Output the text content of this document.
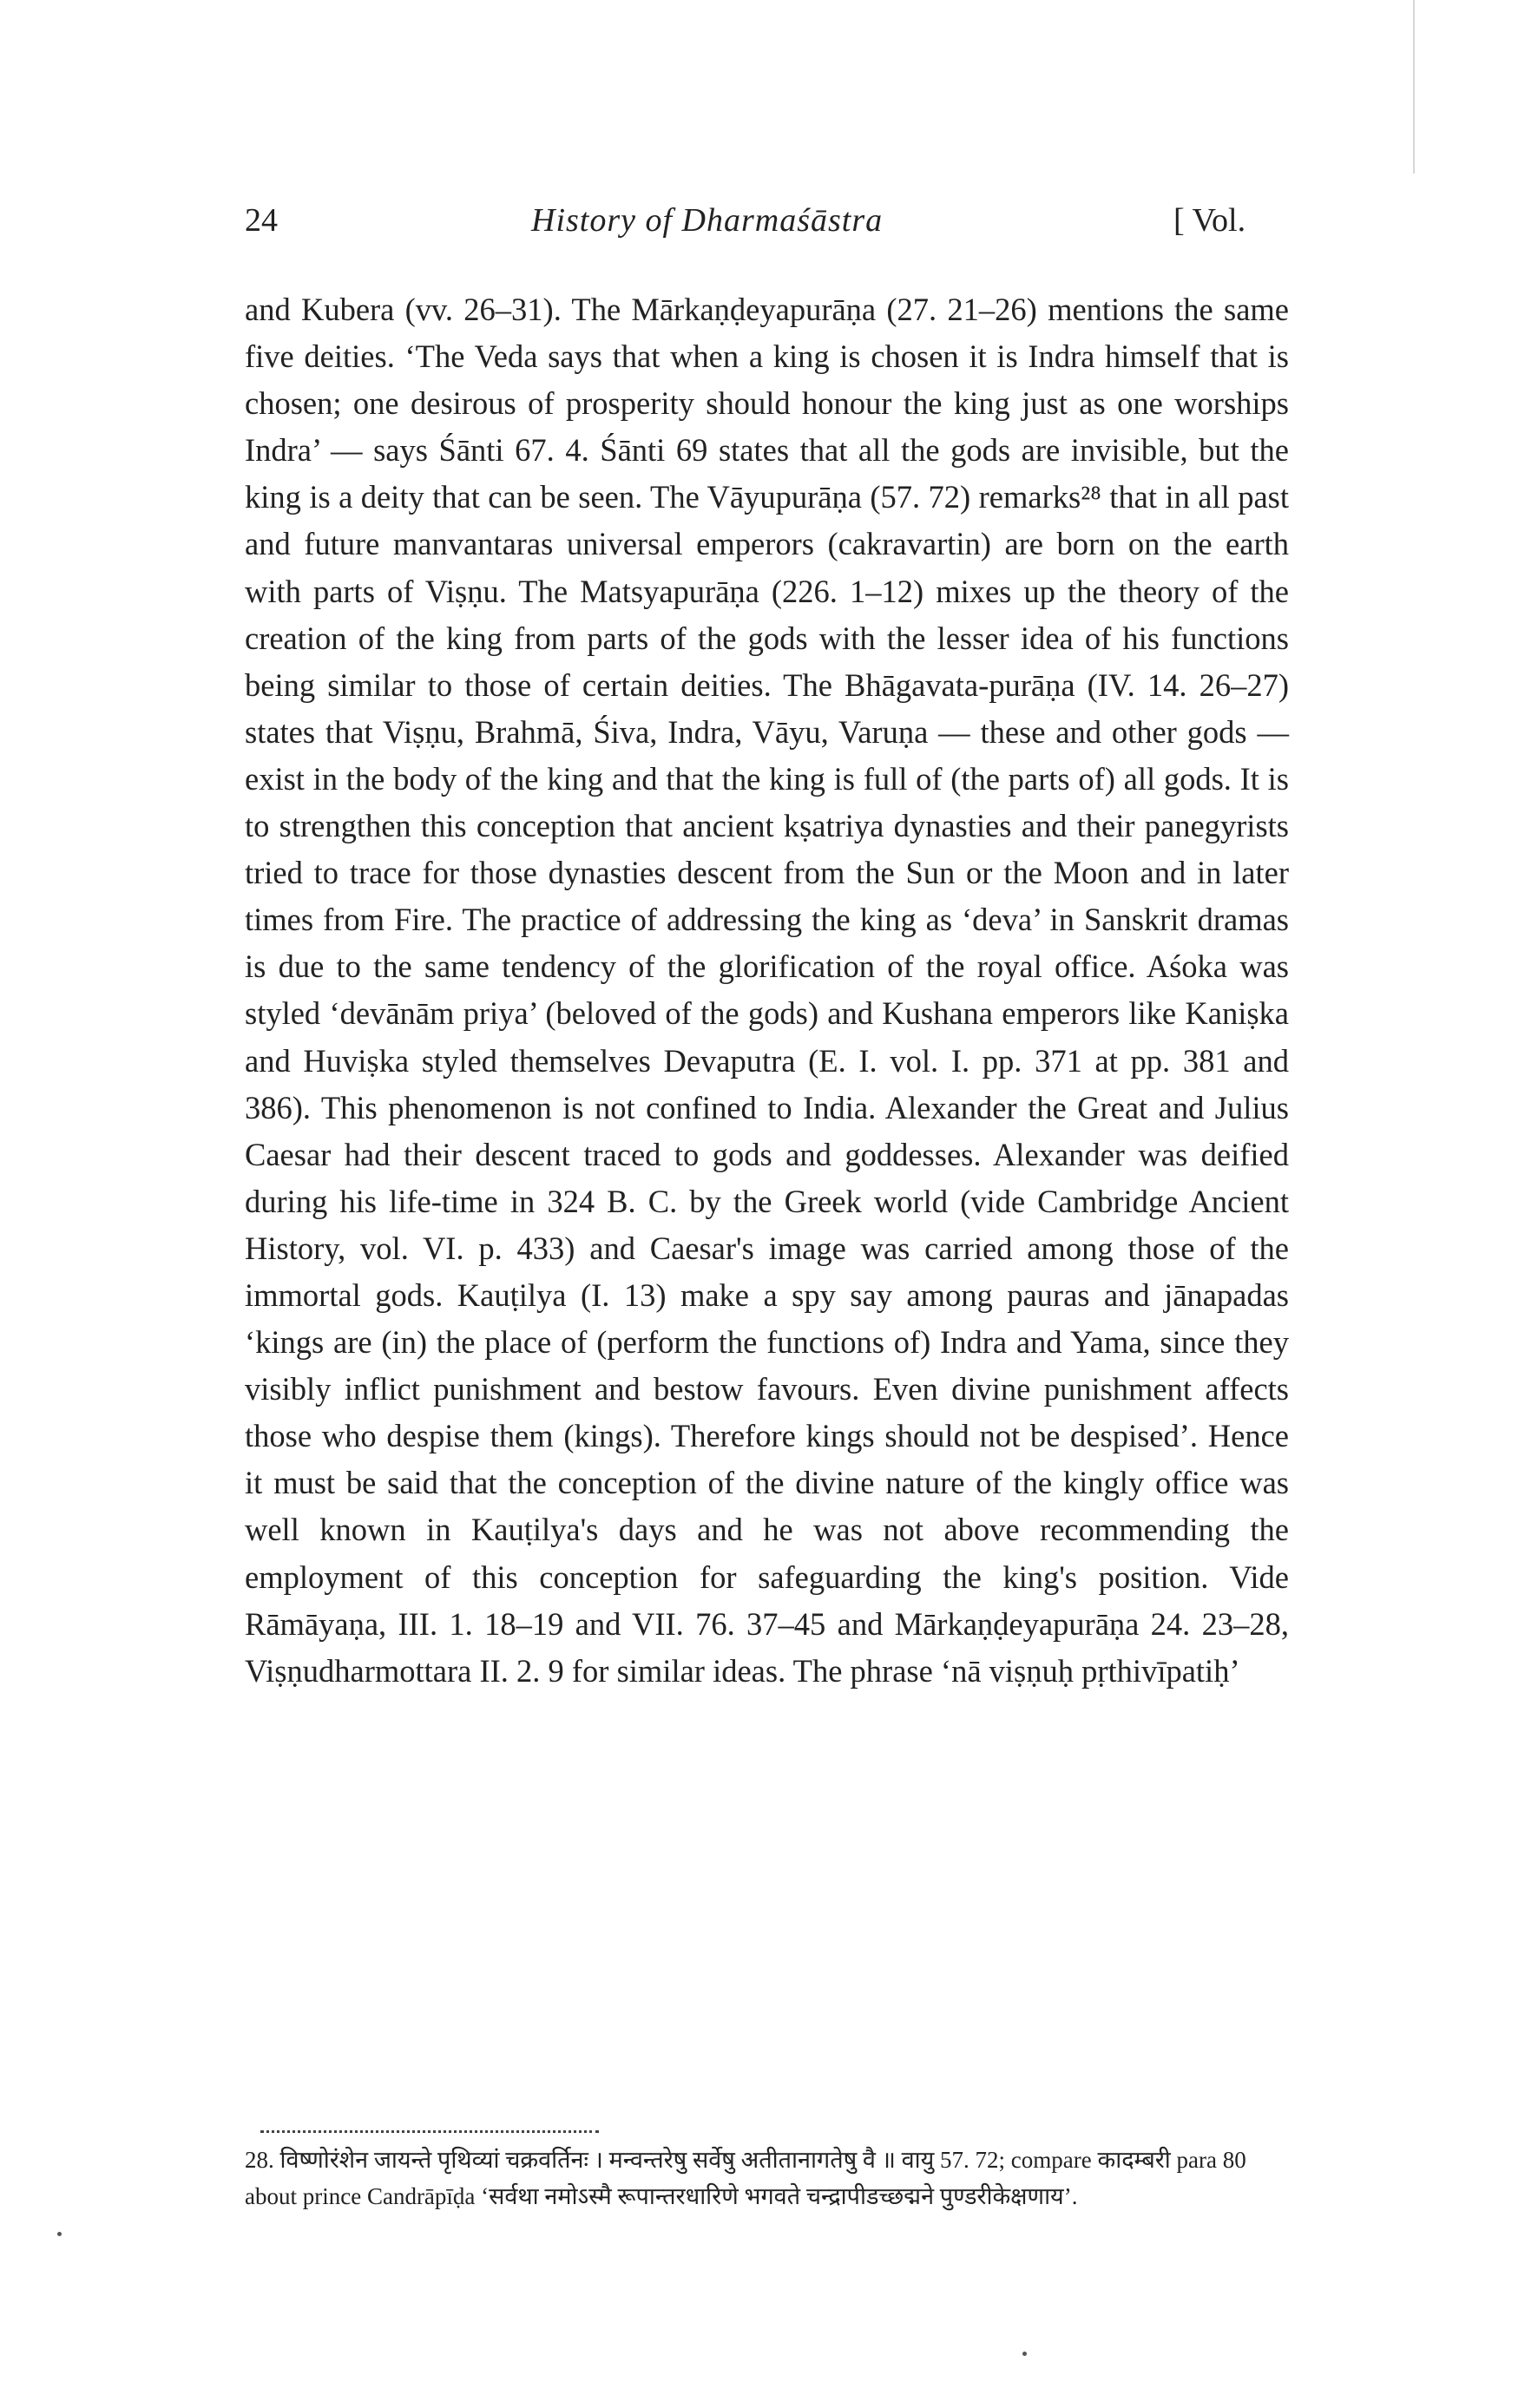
24	History of Dharmaśāstra	[ Vol.

and Kubera (vv. 26–31). The Mārkaṇḍeyapurāṇa (27. 21–26) mentions the same five deities. ‘The Veda says that when a king is chosen it is Indra himself that is chosen; one desirous of prosperity should honour the king just as one worships Indra’ — says Śānti 67. 4. Śānti 69 states that all the gods are invisible, but the king is a deity that can be seen. The Vāyupurāṇa (57. 72) remarks²⁸ that in all past and future manvantaras universal emperors (cakravartin) are born on the earth with parts of Viṣṇu. The Matsyapurāṇa (226. 1–12) mixes up the theory of the creation of the king from parts of the gods with the lesser idea of his functions being similar to those of certain deities. The Bhāgavata-purāṇa (IV. 14. 26–27) states that Viṣṇu, Brahmā, Śiva, Indra, Vāyu, Varuṇa — these and other gods — exist in the body of the king and that the king is full of (the parts of) all gods. It is to strengthen this conception that ancient kṣatriya dynasties and their panegyrists tried to trace for those dynasties descent from the Sun or the Moon and in later times from Fire. The practice of addressing the king as ‘deva’ in Sanskrit dramas is due to the same tendency of the glorification of the royal office. Aśoka was styled ‘devānām priya’ (beloved of the gods) and Kushana emperors like Kaniṣka and Huviṣka styled themselves Devaputra (E. I. vol. I. pp. 371 at pp. 381 and 386). This phenomenon is not confined to India. Alexander the Great and Julius Caesar had their descent traced to gods and goddesses. Alexander was deified during his life-time in 324 B. C. by the Greek world (vide Cambridge Ancient History, vol. VI. p. 433) and Caesar's image was carried among those of the immortal gods. Kauṭilya (I. 13) make a spy say among pauras and jānapadas ‘kings are (in) the place of (perform the functions of) Indra and Yama, since they visibly inflict punishment and bestow favours. Even divine punishment affects those who despise them (kings). Therefore kings should not be despised’. Hence it must be said that the conception of the divine nature of the kingly office was well known in Kauṭilya's days and he was not above recommending the employment of this conception for safeguarding the king's position. Vide Rāmāyaṇa, III. 1. 18–19 and VII. 76. 37–45 and Mārkaṇḍeyapurāṇa 24. 23–28, Viṣṇudharmottara II. 2. 9 for similar ideas. The phrase ‘nā viṣṇuḥ pṛthivīpatiḥ’

28. विष्णोरंशेन जायन्ते पृथिव्यां चक्रवर्तिनः । मन्वन्तरेषु सर्वेषु अतीतानागतेषु वै ॥ वायु 57. 72; compare कादम्बरी para 80 about prince Candrāpīḍa ‘सर्वथा नमोऽस्मै रूपान्तरधारिणे भगवते चन्द्रापीडच्छद्मने पुण्डरीकेक्षणाय’.
